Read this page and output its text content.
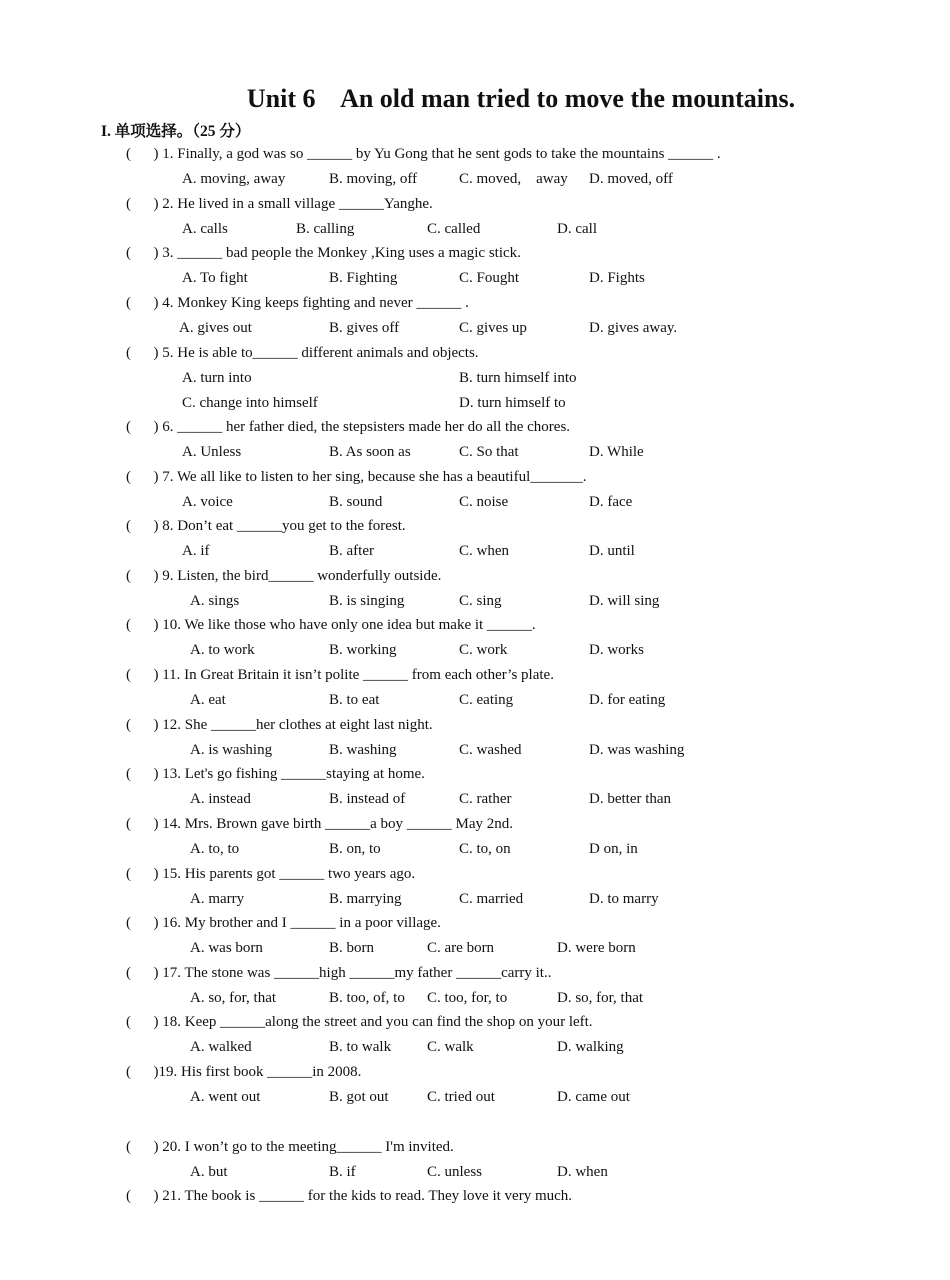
Unit 6    An old man tried to move the mountains.
I. 单项选择。（25 分）
(      ) 1. Finally, a god was so ______ by Yu Gong that he sent gods to take the mountains ______ .
A. moving, away	B. moving, off	C. moved,    away D. moved, off
(      ) 2. He lived in a small village ______Yanghe.
A. calls	B. calling	C. called	D. call
(      ) 3. ______ bad people the Monkey ,King uses a magic stick.
A. To fight	B. Fighting	C. Fought	D. Fights
(      ) 4. Monkey King keeps fighting and never ______ .
A. gives out	B. gives off	C. gives up	D. gives away.
(      ) 5. He is able to______ different animals and objects.
A. turn into	B. turn himself into
C. change into himself	D. turn himself to
(      ) 6. ______ her father died, the stepsisters made her do all the chores.
A. Unless	B. As soon as	C. So that	D. While
(      ) 7. We all like to listen to her sing, because she has a beautiful_______.
A. voice	B. sound	C. noise	D. face
(      ) 8. Don’t eat ______you get to the forest.
A. if	B. after	C. when	D. until
(      ) 9. Listen, the bird______ wonderfully outside.
A. sings	B. is singing	C. sing	D. will sing
(      ) 10. We like those who have only one idea but make it ______.
A. to work	B. working	C. work	D. works
(      ) 11. In Great Britain it isn’t polite ______ from each other’s plate.
A. eat	B. to eat	C. eating	D. for eating
(      ) 12. She ______her clothes at eight last night.
A. is washing	B. washing	C. washed	D. was washing
(      ) 13. Let's go fishing ______staying at home.
A. instead	B. instead of	C. rather	D. better than
(      ) 14. Mrs. Brown gave birth ______a boy ______ May 2nd.
A. to, to	B. on, to	C. to, on	D on, in
(      ) 15. His parents got ______ two years ago.
A. marry	B. marrying	C. married	D. to marry
(      ) 16. My brother and I ______ in a poor village.
A. was born	B. born	C. are born	D. were born
(      ) 17. The stone was ______high ______my father ______carry it..
A. so, for, that	B. too, of, to C. too, for, to	D. so, for, that
(      ) 18. Keep ______along the street and you can find the shop on your left.
A. walked	B. to walk C. walk	D. walking
(      )19. His first book ______in 2008.
A. went out	B. got out	C. tried out	D. came out
(      ) 20. I won’t go to the meeting______ I'm invited.
A. but	B. if	C. unless	D. when
(      ) 21. The book is ______ for the kids to read. They love it very much.
